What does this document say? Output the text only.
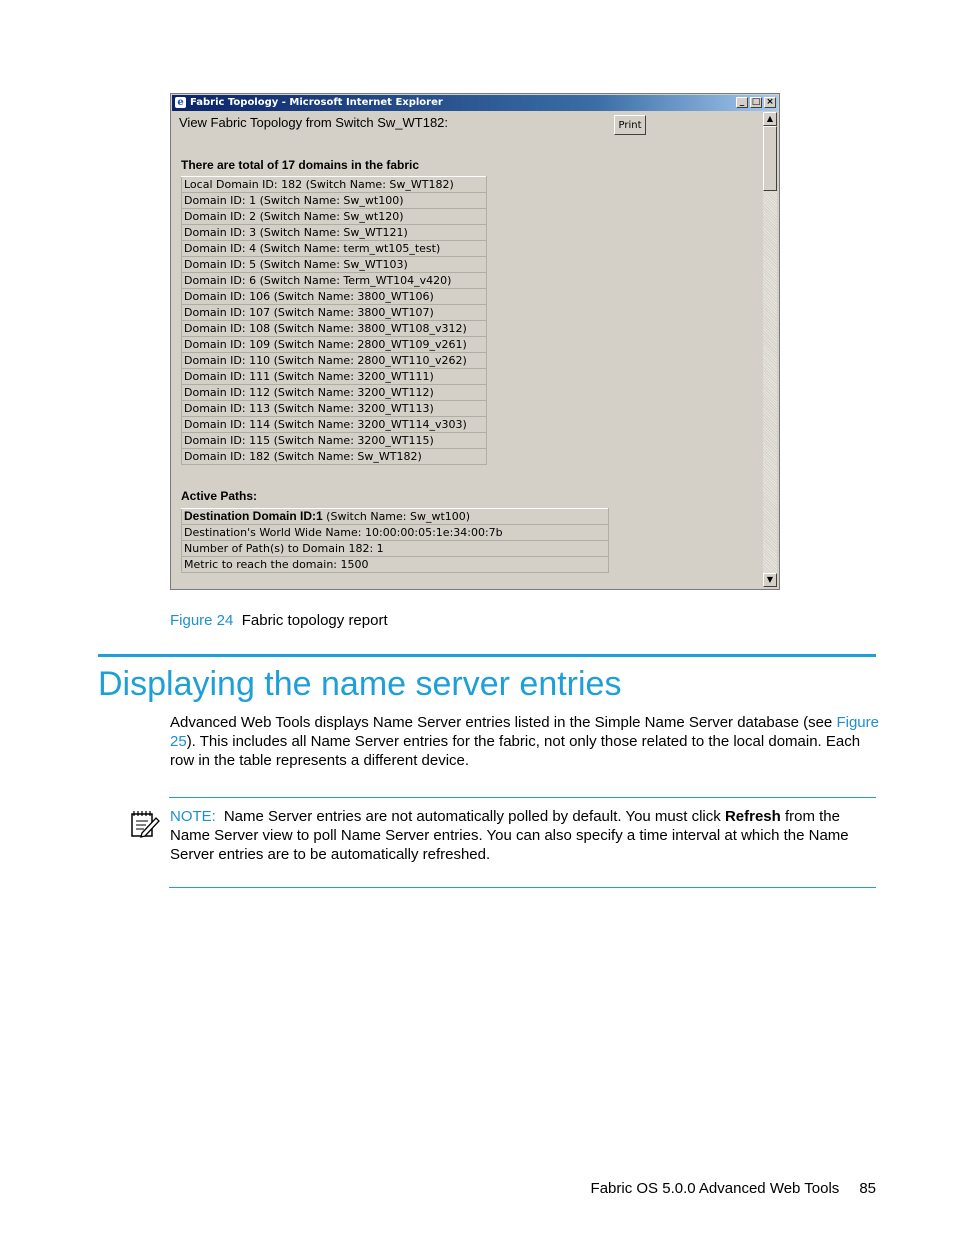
e Fabric Topology - Microsoft Internet Explorer	_ □ ×
View Fabric Topology from Switch Sw_WT182:	Print
There are total of 17 domains in the fabric
Local Domain ID: 182 (Switch Name: Sw_WT182)
Domain ID: 1 (Switch Name: Sw_wt100)
Domain ID: 2 (Switch Name: Sw_wt120)
Domain ID: 3 (Switch Name: Sw_WT121)
Domain ID: 4 (Switch Name: term_wt105_test)
Domain ID: 5 (Switch Name: Sw_WT103)
Domain ID: 6 (Switch Name: Term_WT104_v420)
Domain ID: 106 (Switch Name: 3800_WT106)
Domain ID: 107 (Switch Name: 3800_WT107)
Domain ID: 108 (Switch Name: 3800_WT108_v312)
Domain ID: 109 (Switch Name: 2800_WT109_v261)
Domain ID: 110 (Switch Name: 2800_WT110_v262)
Domain ID: 111 (Switch Name: 3200_WT111)
Domain ID: 112 (Switch Name: 3200_WT112)
Domain ID: 113 (Switch Name: 3200_WT113)
Domain ID: 114 (Switch Name: 3200_WT114_v303)
Domain ID: 115 (Switch Name: 3200_WT115)
Domain ID: 182 (Switch Name: Sw_WT182)
Active Paths:
Destination Domain ID:1 (Switch Name: Sw_wt100)
Destination's World Wide Name: 10:00:00:05:1e:34:00:7b
Number of Path(s) to Domain 182: 1
Metric to reach the domain: 1500
▲
▼
Figure 24 Fabric topology report
Displaying the name server entries
Advanced Web Tools displays Name Server entries listed in the Simple Name Server database (see Figure 25). This includes all Name Server entries for the fabric, not only those related to the local domain. Each row in the table represents a different device.
NOTE: Name Server entries are not automatically polled by default. You must click Refresh from the Name Server view to poll Name Server entries. You can also specify a time interval at which the Name Server entries are to be automatically refreshed.
Fabric OS 5.0.0 Advanced Web Tools 85
